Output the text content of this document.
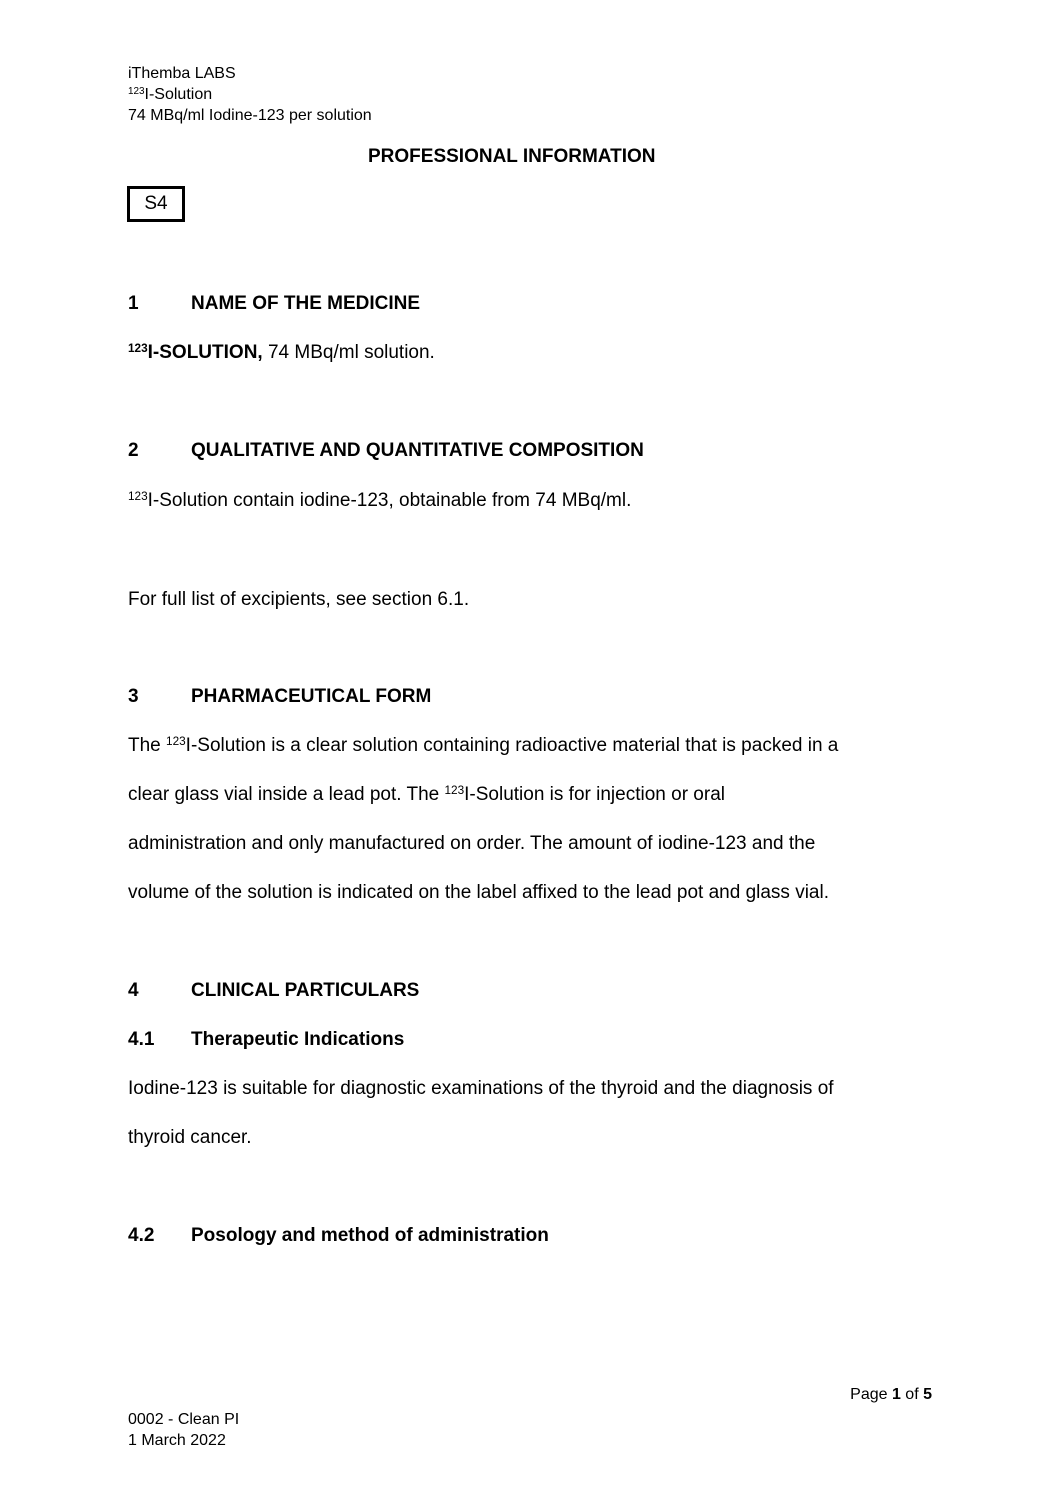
iThemba LABS
$^{123}$I-Solution
74 MBq/ml Iodine-123 per solution
PROFESSIONAL INFORMATION
S4
1	NAME OF THE MEDICINE
$^{123}$I-SOLUTION, 74 MBq/ml solution.
2	QUALITATIVE AND QUANTITATIVE COMPOSITION
$^{123}$I-Solution contain iodine-123, obtainable from 74 MBq/ml.
For full list of excipients, see section 6.1.
3	PHARMACEUTICAL FORM
The $^{123}$I-Solution is a clear solution containing radioactive material that is packed in a
clear glass vial inside a lead pot. The $^{123}$I-Solution is for injection or oral
administration and only manufactured on order. The amount of iodine-123 and the
volume of the solution is indicated on the label affixed to the lead pot and glass vial.
4	CLINICAL PARTICULARS
4.1 Therapeutic Indications
Iodine-123 is suitable for diagnostic examinations of the thyroid and the diagnosis of
thyroid cancer.
4.2 Posology and method of administration
Page 1 of 5
0002 - Clean PI
1 March 2022
